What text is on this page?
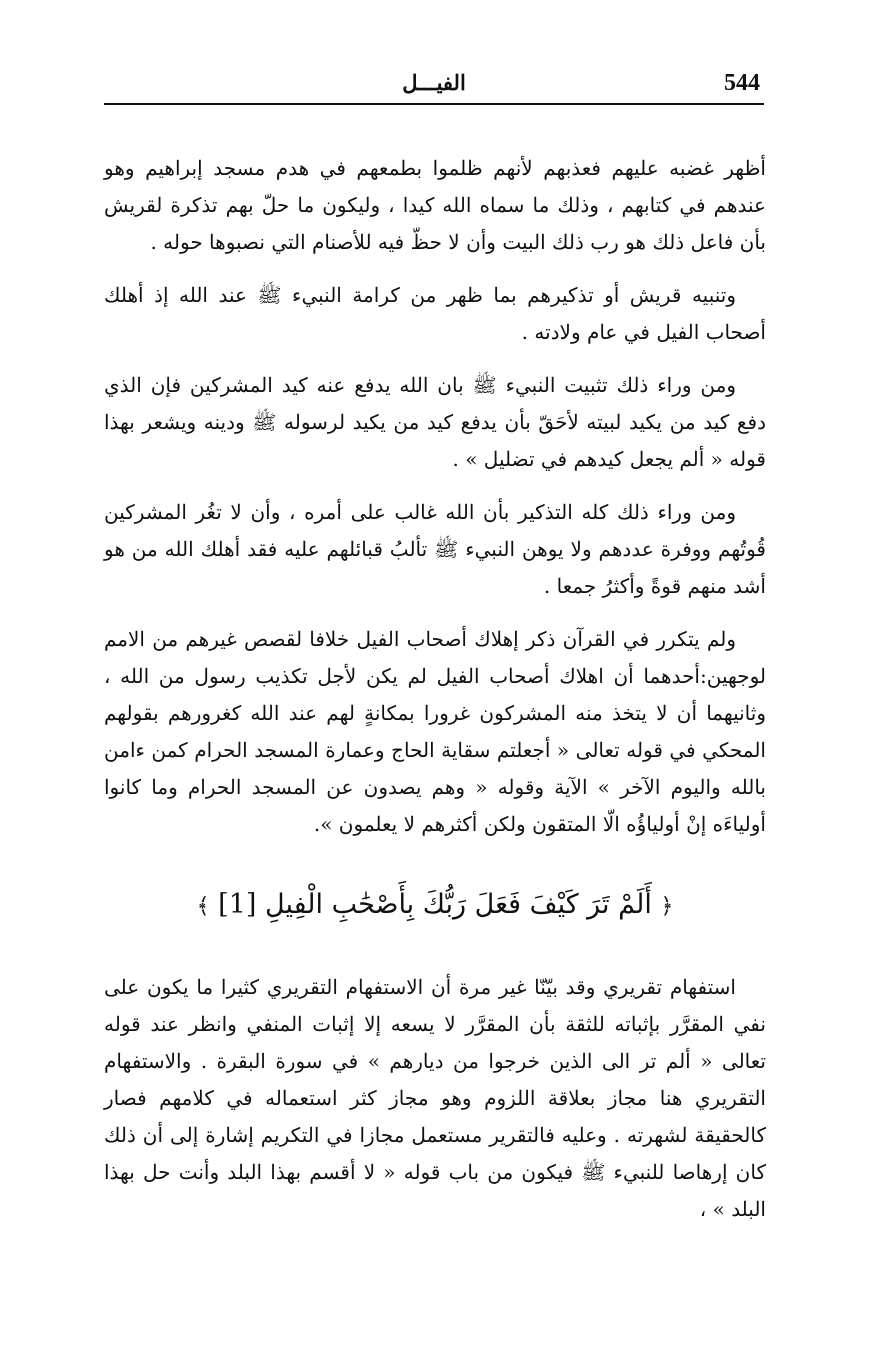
544
الفيـــل

أظهر غضبه عليهم فعذبهم لأنهم ظلموا بطمعهم في هدم مسجد إبراهيم وهو عندهم في كتابهم ، وذلك ما سماه الله كيدا ، وليكون ما حلّ بهم تذكرة لقريش بأن فاعل ذلك هو رب ذلك البيت وأن لا حظّ فيه للأصنام التي نصبوها حوله .

وتنبيه قريش أو تذكيرهم بما ظهر من كرامة النبيء ﷺ عند الله إذ أهلك أصحاب الفيل في عام ولادته .

ومن وراء ذلك تثبيت النبيء ﷺ بان الله يدفع عنه كيد المشركين فإن الذي دفع كيد من يكيد لبيته لأحَقّ بأن يدفع كيد من يكيد لرسوله ﷺ ودينه ويشعر بهذا قوله « ألم يجعل كيدهم في تضليل » .

ومن وراء ذلك كله التذكير بأن الله غالب على أمره ، وأن لا تغُر المشركين قُوتُهم ووفرة عددهم ولا يوهن النبيء ﷺ تألبُ قبائلهم عليه فقد أهلك الله من هو أشد منهم قوةً وأكثرُ جمعا .

ولم يتكرر في القرآن ذكر إهلاك أصحاب الفيل خلافا لقصص غيرهم من الامم لوجهين:أحدهما أن اهلاك أصحاب الفيل لم يكن لأجل تكذيب رسول من الله ، وثانيهما أن لا يتخذ منه المشركون غرورا بمكانةٍ لهم عند الله كغرورهم بقولهم المحكي في قوله تعالى « أجعلتم سقاية الحاج وعمارة المسجد الحرام كمن ءامن بالله واليوم الآخر » الآية وقوله « وهم يصدون عن المسجد الحرام وما كانوا أولياءَه إنْ أولياؤُه الّا المتقون ولكن أكثرهم لا يعلمون ».

﴿ أَلَمْ تَرَ كَيْفَ فَعَلَ رَبُّكَ بِأَصْحَٰبِ الْفِيلِ [1] ﴾

استفهام تقريري وقد بيّنّا غير مرة أن الاستفهام التقريري كثيرا ما يكون على نفي المقرَّر بإثباته للثقة بأن المقرَّر لا يسعه إلا إثبات المنفي وانظر عند قوله تعالى « ألم تر الى الذين خرجوا من ديارهم » في سورة البقرة . والاستفهام التقريري هنا مجاز بعلاقة اللزوم وهو مجاز كثر استعماله في كلامهم فصار كالحقيقة لشهرته . وعليه فالتقرير مستعمل مجازا في التكريم إشارة إلى أن ذلك كان إرهاصا للنبيء ﷺ فيكون من باب قوله « لا أقسم بهذا البلد وأنت حل بهذا البلد » ،
